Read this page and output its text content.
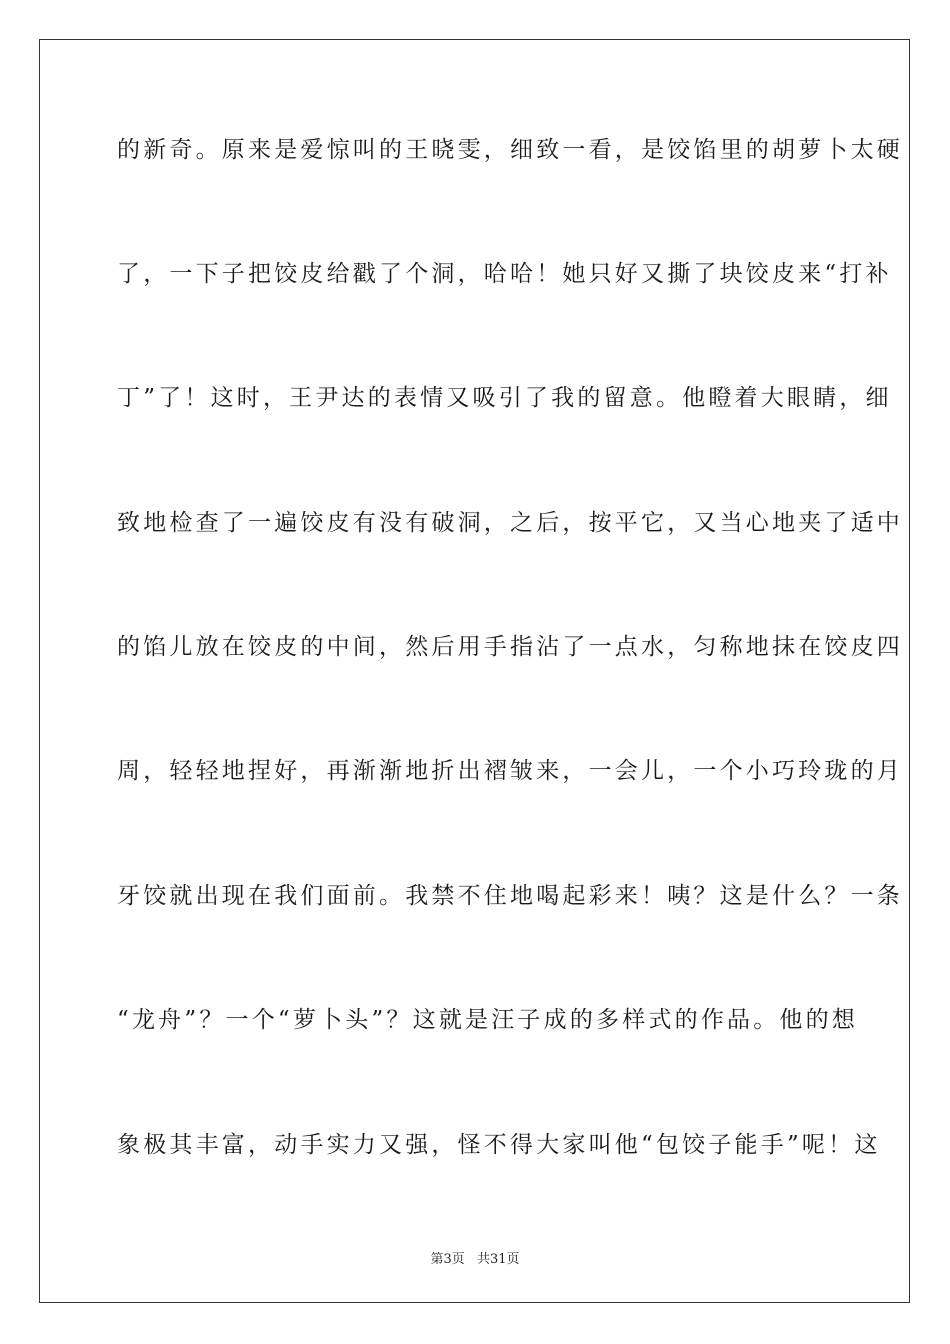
的新奇。原来是爱惊叫的王晓雯，细致一看，是饺馅里的胡萝卜太硬
了，一下子把饺皮给戳了个洞，哈哈！她只好又撕了块饺皮来“打补
丁”了！这时，王尹达的表情又吸引了我的留意。他瞪着大眼睛，细
致地检查了一遍饺皮有没有破洞，之后，按平它，又当心地夹了适中
的馅儿放在饺皮的中间，然后用手指沾了一点水，匀称地抹在饺皮四
周，轻轻地捏好，再渐渐地折出褶皱来，一会儿，一个小巧玲珑的月
牙饺就出现在我们面前。我禁不住地喝起彩来！咦？这是什么？一条
“龙舟”？一个“萝卜头”？这就是汪子成的多样式的作品。他的想
象极其丰富，动手实力又强，怪不得大家叫他“包饺子能手”呢！这
第3页 共31页
